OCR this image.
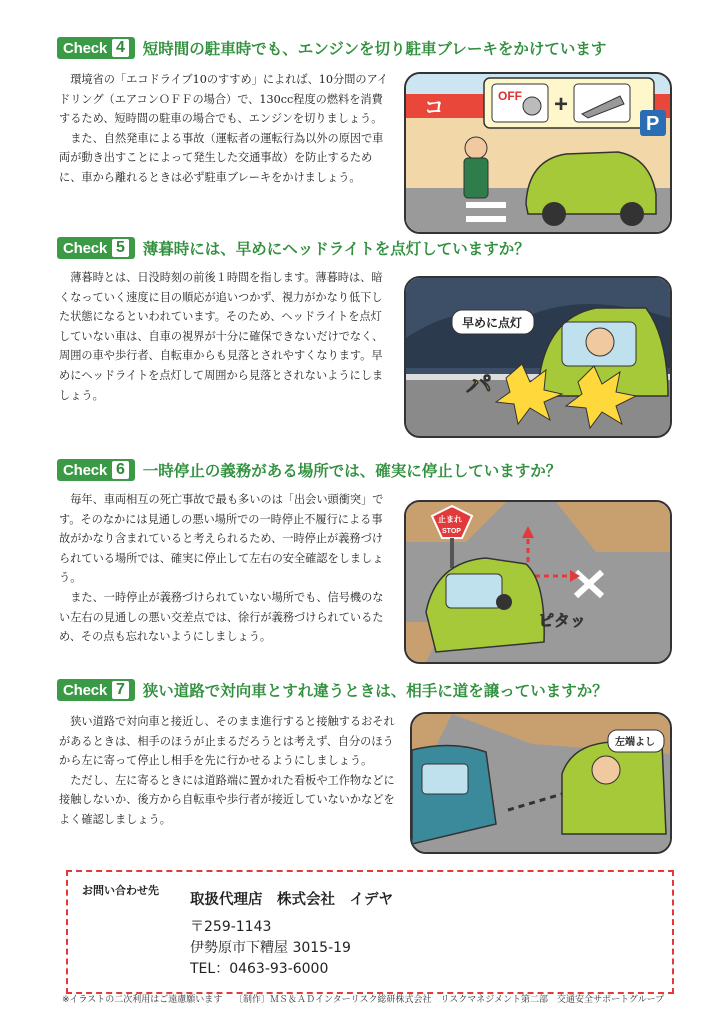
Check 4 短時間の駐車時でも、エンジンを切り駐車ブレーキをかけています

環境省の「エコドライブ10のすすめ」によれば、10分間のアイドリング（エアコンＯＦＦの場合）で、130cc程度の燃料を消費するため、短時間の駐車の場合でも、エンジンを切りましょう。

また、自然発車による事故（運転者の運転行為以外の原因で車両が動き出すことによって発生した交通事故）を防止するために、車から離れるときは必ず駐車ブレーキをかけましょう。

コ	OFF +
P
Check 5 薄暮時には、早めにヘッドライトを点灯していますか？

薄暮時とは、日没時刻の前後１時間を指します。薄暮時は、暗くなっていく速度に目の順応が追いつかず、視力がかなり低下した状態になるといわれています。そのため、ヘッドライトを点灯していない車は、自車の視界が十分に確保できないだけでなく、周囲の車や歩行者、自転車からも見落とされやすくなります。早めにヘッドライトを点灯して周囲から見落とされないようにしましょう。

早めに点灯
パ
Check 6 一時停止の義務がある場所では、確実に停止していますか？

毎年、車両相互の死亡事故で最も多いのは「出会い頭衝突」です。そのなかには見通しの悪い場所での一時停止不履行による事故がかなり含まれていると考えられるため、一時停止が義務づけられている場所では、確実に停止して左右の安全確認をしましょう。

また、一時停止が義務づけられていない場所でも、信号機のない左右の見通しの悪い交差点では、徐行が義務づけられているため、その点も忘れないようにしましょう。

止まれ
STOP
ピタッ
Check 7 狭い道路で対向車とすれ違うときは、相手に道を譲っていますか？

狭い道路で対向車と接近し、そのまま進行すると接触するおそれがあるときは、相手のほうが止まるだろうとは考えず、自分のほうから左に寄って停止し相手を先に行かせるようにしましょう。

ただし、左に寄るときには道路端に置かれた看板や工作物などに接触しないか、後方から自転車や歩行者が接近していないかなどをよく確認しましょう。

左端よし
お問い合わせ先
取扱代理店　株式会社　イデヤ
〒259-1143
伊勢原市下糟屋 3015-19
TEL：0463-93-6000
※イラストの二次利用はご遠慮願います 〔制作〕ＭＳ＆ＡＤインターリスク総研株式会社　リスクマネジメント第二部　交通安全サポートグループ
